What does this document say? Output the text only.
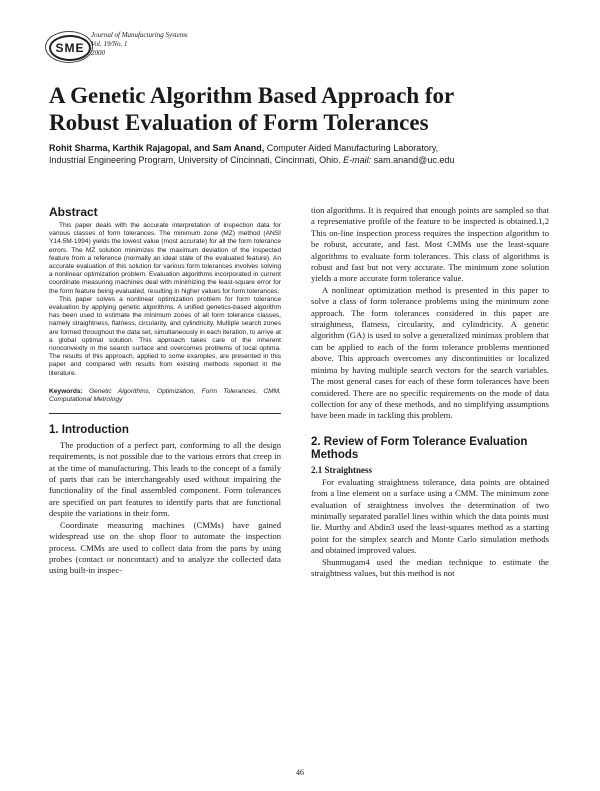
SME
Journal of Manufacturing Systems
Vol. 19/No. 1
2000
A Genetic Algorithm Based Approach for
Robust Evaluation of Form Tolerances
Rohit Sharma, Karthik Rajagopal, and Sam Anand, Computer Aided Manufacturing Laboratory,
Industrial Engineering Program, University of Cincinnati, Cincinnati, Ohio. E-mail: sam.anand@uc.edu
Abstract

This paper deals with the accurate interpretation of inspection data for various classes of form tolerances. The minimum zone (MZ) method (ANSI Y14.5M-1994) yields the lowest value (most accurate) for all the form tolerance errors. The MZ solution minimizes the maximum deviation of the inspected feature from a reference (normally an ideal state of the evaluated feature). An accurate evaluation of this solution for various form tolerances involves solving a nonlinear optimization problem. Evaluation algorithms incorporated in current coordinate measuring machines deal with minimizing the least-square error for the form feature being evaluated, resulting in higher values for form tolerances.

This paper solves a nonlinear optimization problem for form tolerance evaluation by applying genetic algorithms. A unified genetics-based algorithm has been used to estimate the minimum zones of all form tolerance classes, namely straightness, flatness, circularity, and cylindricity. Multiple search zones are formed throughout the data set, simultaneously in each iteration, to arrive at a global optimal solution. This approach takes care of the inherent nonconvexity in the search surface and overcomes problems of local optima. The results of this approach, applied to some examples, are presented in this paper and compared with results from existing methods reported in the literature.

Keywords: Genetic Algorithms, Optimization, Form Tolerances, CMM, Computational Metrology
1. Introduction

The production of a perfect part, conforming to all the design requirements, is not possible due to the various errors that creep in at the time of manufacturing. This leads to the concept of a family of parts that can be interchangeably used without impairing the functionality of the final assembled component. Form tolerances are specified on part features to identify parts that are functional despite the variations in their form.

Coordinate measuring machines (CMMs) have gained widespread use on the shop floor to automate the inspection process. CMMs are used to collect data from the parts by using probes (contact or noncontact) and to analyze the collected data using built-in inspec-

tion algorithms. It is required that enough points are sampled so that a representative profile of the feature to be inspected is obtained.1,2 This on-line inspection process requires the inspection algorithm to be robust, accurate, and fast. Most CMMs use the least-square algorithms to evaluate form tolerances. This class of algorithms is robust and fast but not very accurate. The minimum zone solution yields a more accurate form tolerance value.

A nonlinear optimization method is presented in this paper to solve a class of form tolerance problems using the minimum zone approach. The form tolerances considered in this paper are straightness, flatness, circularity, and cylindricity. A genetic algorithm (GA) is used to solve a generalized minimax problem that can be applied to each of the form tolerance problems mentioned above. This approach overcomes any discontinuities or localized minima by having multiple search vectors for the search variables. The most general cases for each of these form tolerances have been considered. There are no specific requirements on the mode of data collection for any of these methods, and no simplifying assumptions have been made in tackling this problem.

2. Review of Form Tolerance Evaluation Methods
2.1 Straightness

For evaluating straightness tolerance, data points are obtained from a line element on a surface using a CMM. The minimum zone evaluation of straightness involves the determination of two minimally separated parallel lines within which the data points must lie. Murthy and Abdin3 used the least-squares method as a starting point for the simplex search and Monte Carlo simulation methods and obtained improved values.

Shunmugam4 used the median technique to estimate the straightness values, but this method is not

46
